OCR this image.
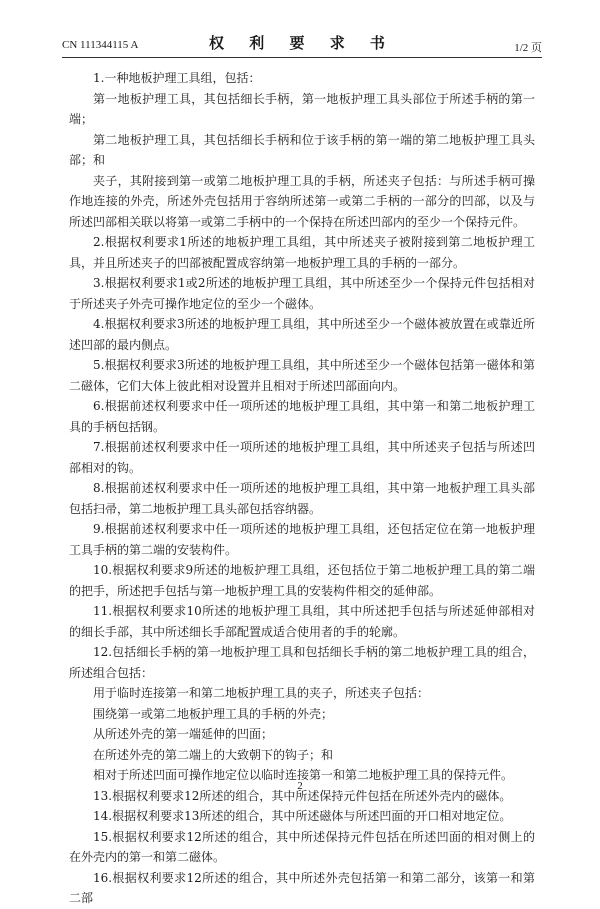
CN 111344115 A	权 利 要 求 书	1/2 页

1.一种地板护理工具组，包括：

第一地板护理工具，其包括细长手柄，第一地板护理工具头部位于所述手柄的第一端；

第二地板护理工具，其包括细长手柄和位于该手柄的第一端的第二地板护理工具头部；和

夹子，其附接到第一或第二地板护理工具的手柄，所述夹子包括：与所述手柄可操作地连接的外壳，所述外壳包括用于容纳所述第一或第二手柄的一部分的凹部，以及与所述凹部相关联以将第一或第二手柄中的一个保持在所述凹部内的至少一个保持元件。

2.根据权利要求1所述的地板护理工具组，其中所述夹子被附接到第二地板护理工具，并且所述夹子的凹部被配置成容纳第一地板护理工具的手柄的一部分。

3.根据权利要求1或2所述的地板护理工具组，其中所述至少一个保持元件包括相对于所述夹子外壳可操作地定位的至少一个磁体。

4.根据权利要求3所述的地板护理工具组，其中所述至少一个磁体被放置在或靠近所述凹部的最内侧点。

5.根据权利要求3所述的地板护理工具组，其中所述至少一个磁体包括第一磁体和第二磁体，它们大体上彼此相对设置并且相对于所述凹部面向内。

6.根据前述权利要求中任一项所述的地板护理工具组，其中第一和第二地板护理工具的手柄包括钢。

7.根据前述权利要求中任一项所述的地板护理工具组，其中所述夹子包括与所述凹部相对的钩。

8.根据前述权利要求中任一项所述的地板护理工具组，其中第一地板护理工具头部包括扫帚，第二地板护理工具头部包括容纳器。

9.根据前述权利要求中任一项所述的地板护理工具组，还包括定位在第一地板护理工具手柄的第二端的安装构件。

10.根据权利要求9所述的地板护理工具组，还包括位于第二地板护理工具的第二端的把手，所述把手包括与第一地板护理工具的安装构件相交的延伸部。

11.根据权利要求10所述的地板护理工具组，其中所述把手包括与所述延伸部相对的细长手部，其中所述细长手部配置成适合使用者的手的轮廓。

12.包括细长手柄的第一地板护理工具和包括细长手柄的第二地板护理工具的组合，所述组合包括：

用于临时连接第一和第二地板护理工具的夹子，所述夹子包括：

围绕第一或第二地板护理工具的手柄的外壳；

从所述外壳的第一端延伸的凹面；

在所述外壳的第二端上的大致朝下的钩子；和

相对于所述凹面可操作地定位以临时连接第一和第二地板护理工具的保持元件。

13.根据权利要求12所述的组合，其中所述保持元件包括在所述外壳内的磁体。

14.根据权利要求13所述的组合，其中所述磁体与所述凹面的开口相对地定位。

15.根据权利要求12所述的组合，其中所述保持元件包括在所述凹面的相对侧上的在外壳内的第一和第二磁体。

16.根据权利要求12所述的组合，其中所述外壳包括第一和第二部分，该第一和第二部

2
